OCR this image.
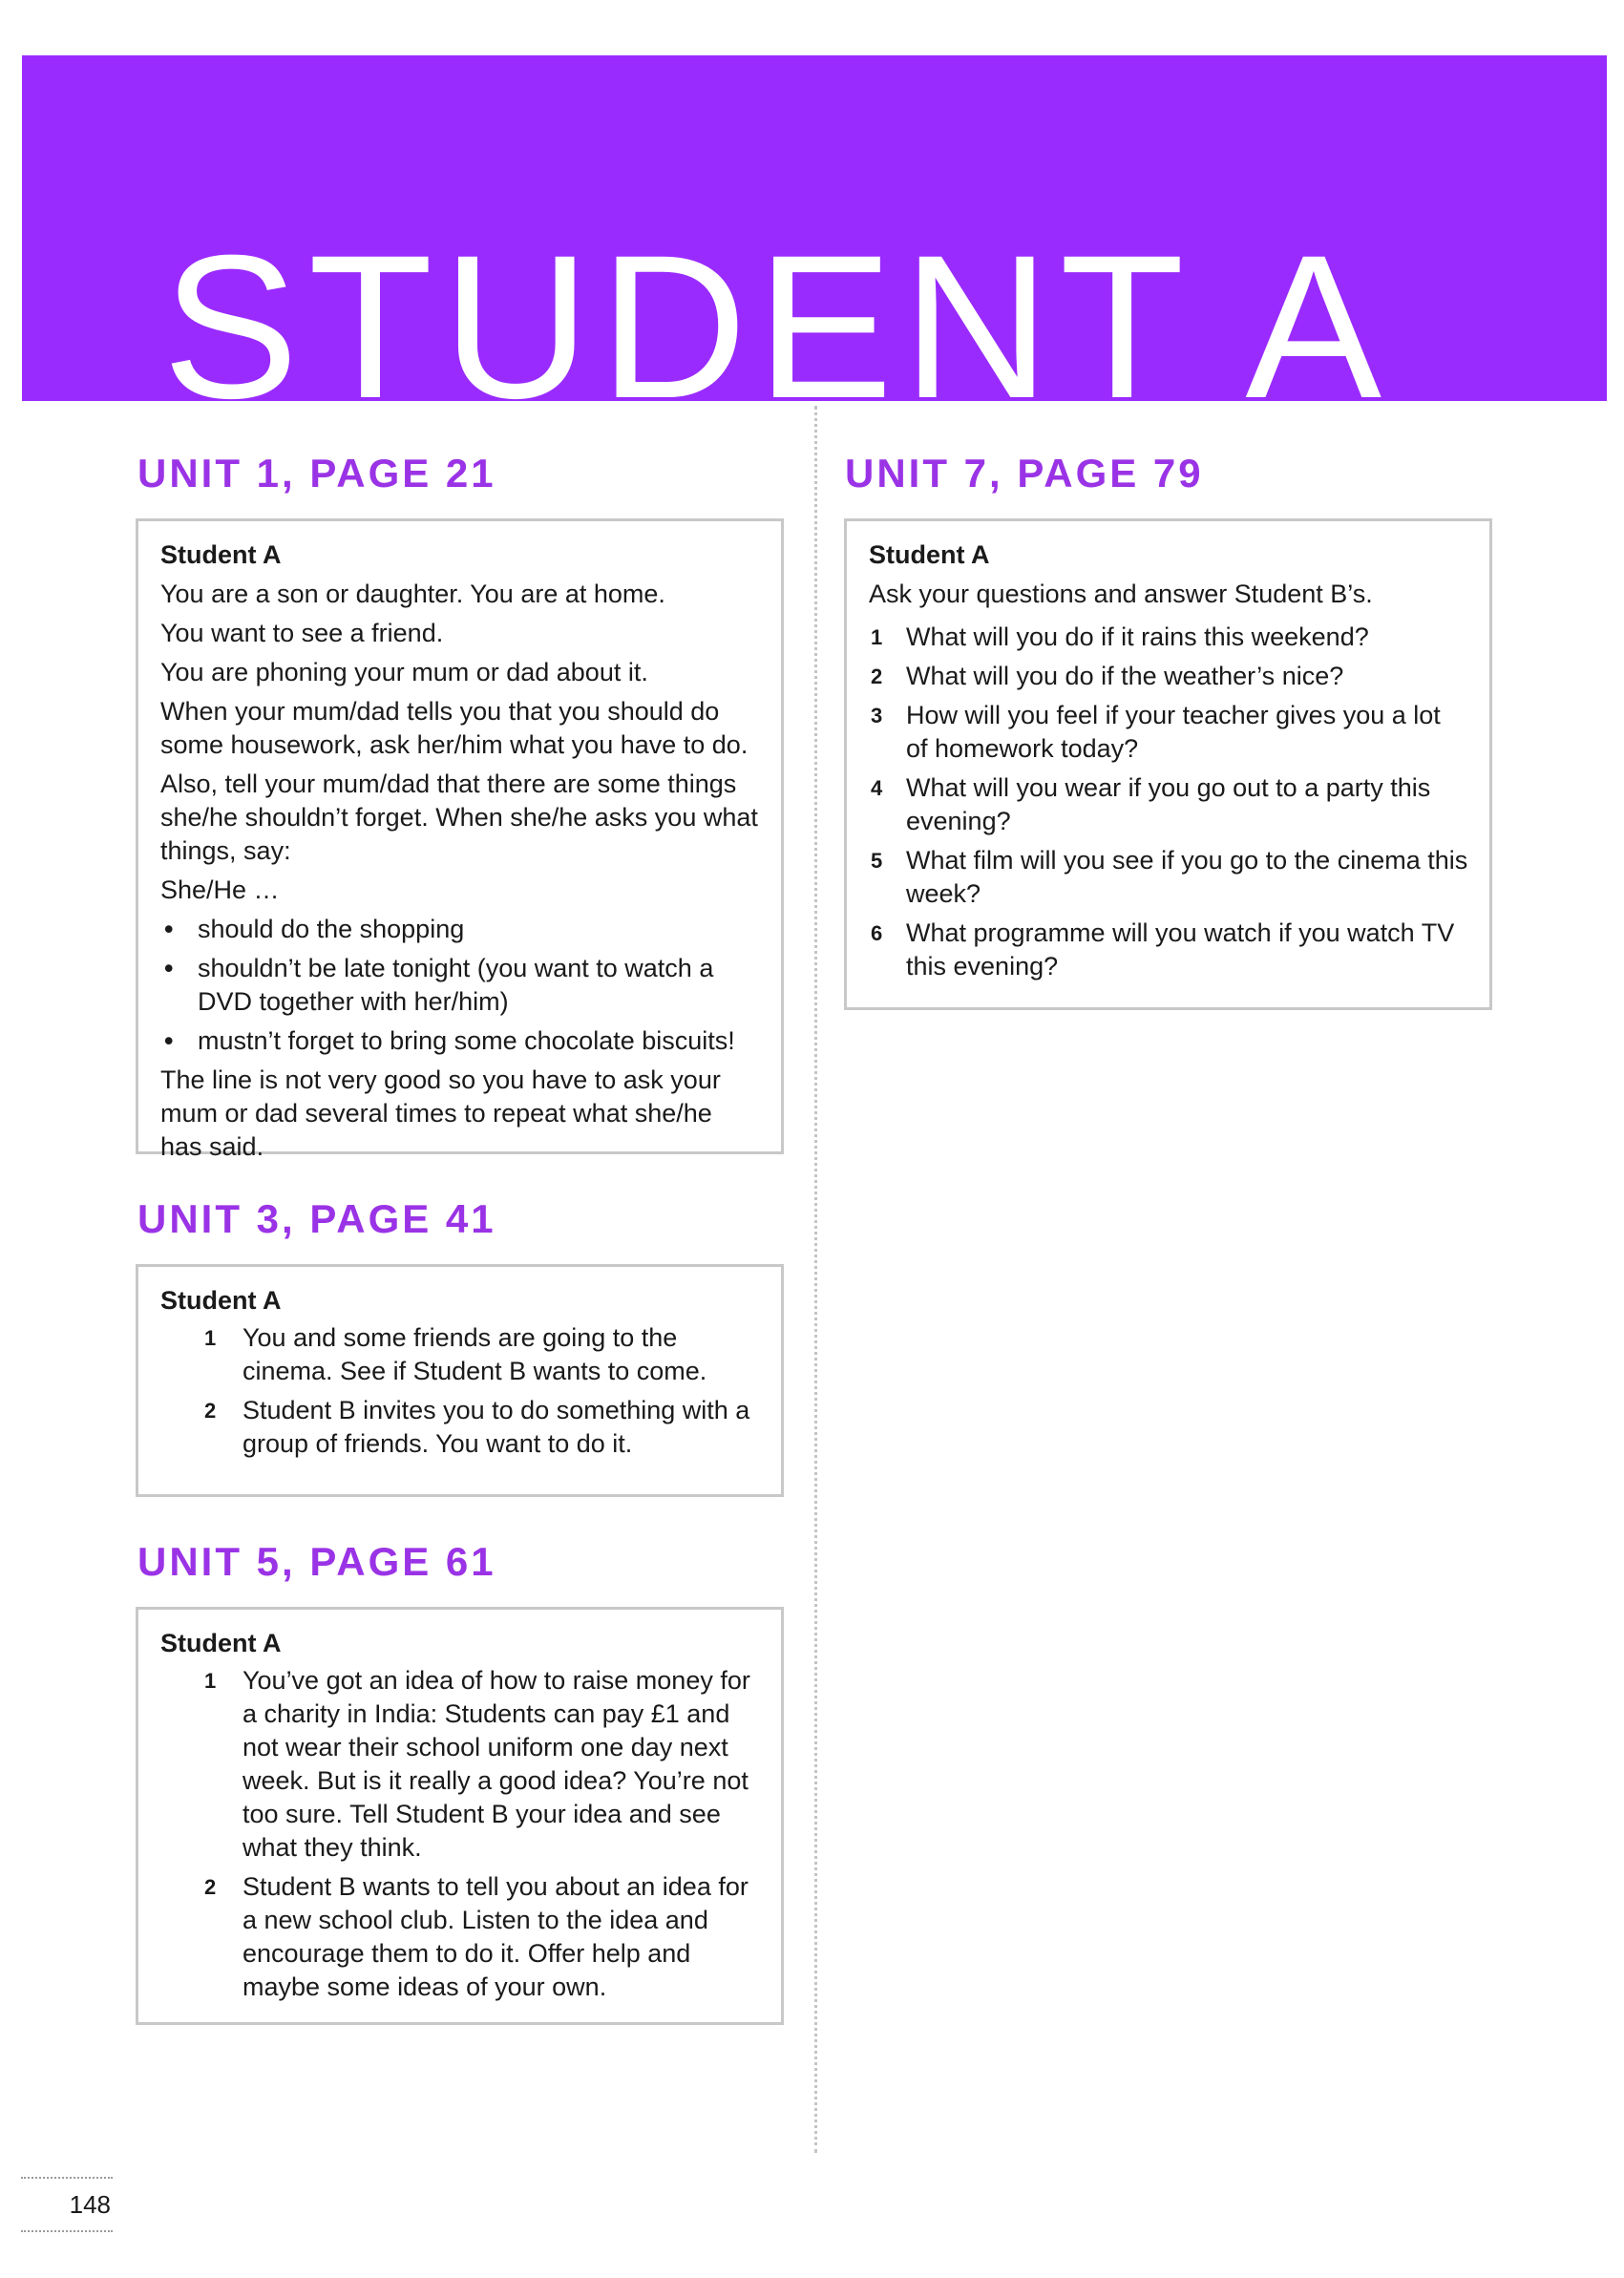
STUDENT A
UNIT 1, PAGE 21
Student A

You are a son or daughter. You are at home.

You want to see a friend.

You are phoning your mum or dad about it.

When your mum/dad tells you that you should do some housework, ask her/him what you have to do.

Also, tell your mum/dad that there are some things she/he shouldn’t forget. When she/he asks you what things, say:

She/He …

• should do the shopping
• shouldn’t be late tonight (you want to watch a DVD together with her/him)
• mustn’t forget to bring some chocolate biscuits!

The line is not very good so you have to ask your mum or dad several times to repeat what she/he has said.

UNIT 3, PAGE 41
Student A
1 You and some friends are going to the cinema. See if Student B wants to come.
2 Student B invites you to do something with a group of friends. You want to do it.
UNIT 5, PAGE 61
Student A
1 You’ve got an idea of how to raise money for a charity in India: Students can pay £1 and not wear their school uniform one day next week. But is it really a good idea? You’re not too sure. Tell Student B your idea and see what they think.
2 Student B wants to tell you about an idea for a new school club. Listen to the idea and encourage them to do it. Offer help and maybe some ideas of your own.
UNIT 7, PAGE 79
Student A

Ask your questions and answer Student B’s.

1 What will you do if it rains this weekend?
2 What will you do if the weather’s nice?
3 How will you feel if your teacher gives you a lot of homework today?
4 What will you wear if you go out to a party this evening?
5 What film will you see if you go to the cinema this week?
6 What programme will you watch if you watch TV this evening?
148
